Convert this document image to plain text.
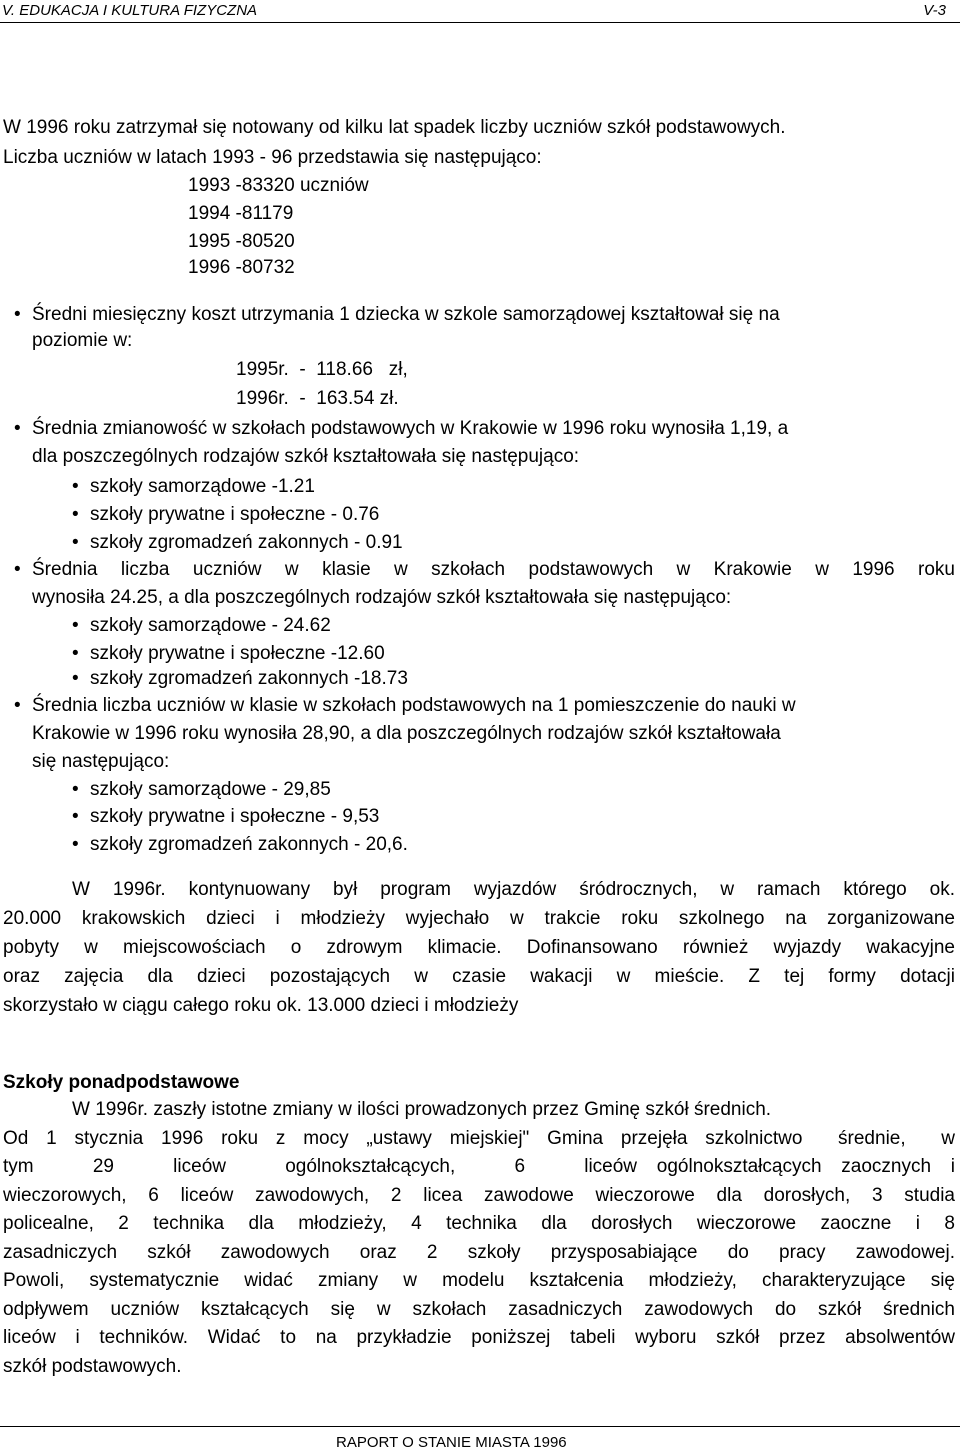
V. EDUKACJA I KULTURA FIZYCZNA	V-3
W 1996 roku zatrzymał się notowany od kilku lat spadek liczby uczniów szkół podstawowych.
Liczba uczniów w latach 1993 - 96 przedstawia się następująco:
1993 -83320 uczniów
1994 -81179
1995 -80520
1996 -80732
• Średni miesięczny koszt utrzymania 1 dziecka w szkole samorządowej kształtował się na
poziomie w:
1995r.  -  118.66   zł,
1996r.  -  163.54 zł.
• Średnia zmianowość w szkołach podstawowych w Krakowie w 1996 roku wynosiła 1,19, a
dla poszczególnych rodzajów szkół kształtowała się następująco:
• szkoły samorządowe -1.21
• szkoły prywatne i społeczne - 0.76
• szkoły zgromadzeń zakonnych - 0.91
• Średnia liczba uczniów w klasie w szkołach podstawowych w Krakowie w 1996 roku
wynosiła 24.25, a dla poszczególnych rodzajów szkół kształtowała się następująco:
• szkoły samorządowe - 24.62
• szkoły prywatne i społeczne -12.60
• szkoły zgromadzeń zakonnych -18.73
• Średnia liczba uczniów w klasie w szkołach podstawowych na 1 pomieszczenie do nauki w
Krakowie w 1996 roku wynosiła 28,90, a dla poszczególnych rodzajów szkół kształtowała
się następująco:
• szkoły samorządowe - 29,85
• szkoły prywatne i społeczne - 9,53
• szkoły zgromadzeń zakonnych - 20,6.
W 1996r. kontynuowany był program wyjazdów śródrocznych, w ramach którego ok.
20.000 krakowskich dzieci i młodzieży wyjechało w trakcie roku szkolnego na zorganizowane
pobyty w miejscowościach o zdrowym klimacie. Dofinansowano również wyjazdy wakacyjne
oraz zajęcia dla dzieci pozostających w czasie wakacji w mieście. Z tej formy dotacji
skorzystało w ciągu całego roku ok. 13.000 dzieci i młodzieży
Szkoły ponadpodstawowe
W 1996r. zaszły istotne zmiany w ilości prowadzonych przez Gminę szkół średnich.
Od 1 stycznia 1996 roku z mocy „ustawy miejskiej" Gmina przejęła szkolnictwo  średnie,  w
tym   29   liceów   ogólnokształcących,   6   liceów ogólnokształcących zaocznych i
wieczorowych, 6 liceów zawodowych, 2 licea zawodowe wieczorowe dla dorosłych, 3 studia
policealne, 2 technika dla młodzieży, 4 technika dla dorosłych wieczorowe zaoczne i 8
zasadniczych szkół zawodowych oraz 2 szkoły przysposabiające do pracy zawodowej.
Powoli, systematycznie widać zmiany w modelu kształcenia młodzieży, charakteryzujące się
odpływem uczniów kształcących się w szkołach zasadniczych zawodowych do szkół średnich
liceów i techników. Widać to na przykładzie poniższej tabeli wyboru szkół przez absolwentów
szkół podstawowych.
RAPORT O STANIE MIASTA 1996
